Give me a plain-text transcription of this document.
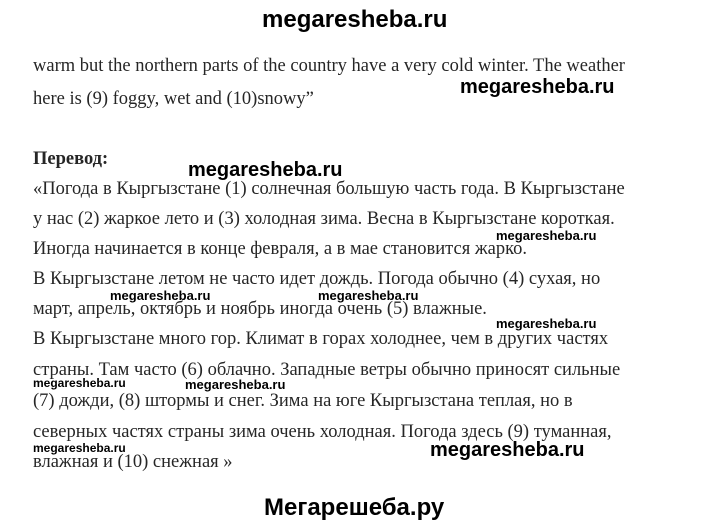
megaresheba.ru
warm but the northern parts of the country have a very cold winter. The weather
here is (9) foggy, wet and (10)snowy”
Перевод:
«Погода в Кыргызстане (1) солнечная большую часть года. В Кыргызстане
у нас (2) жаркое лето и (3) холодная зима. Весна в Кыргызстане короткая.
Иногда начинается в конце февраля, а в мае становится жарко.
В Кыргызстане летом не часто идет дождь. Погода обычно (4) сухая, но
март, апрель, октябрь и ноябрь иногда очень (5) влажные.
В Кыргызстане много гор. Климат в горах холоднее, чем в других частях
страны. Там часто (6) облачно. Западные ветры обычно приносят сильные
(7) дожди, (8) штормы и снег. Зима на юге Кыргызстана теплая, но в
северных частях страны зима очень холодная. Погода здесь (9) туманная,
влажная и (10) снежная »
megaresheba.ru
megaresheba.ru
megaresheba.ru
megaresheba.ru	megaresheba.ru
megaresheba.ru
megaresheba.ru	megaresheba.ru
megaresheba.ru	megaresheba.ru
Мегарешеба.ру
